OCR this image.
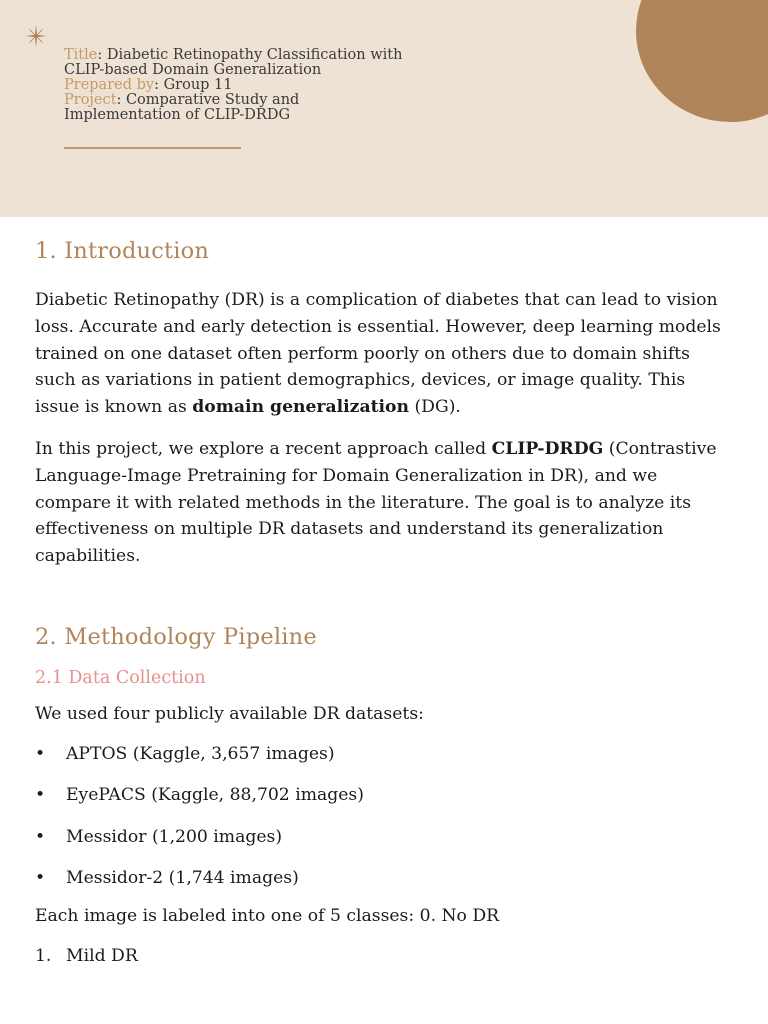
Title: Diabetic Retinopathy Classification with
CLIP-based Domain Generalization
Prepared by: Group 11
Project: Comparative Study and
Implementation of CLIP-DRDG
1. Introduction

Diabetic Retinopathy (DR) is a complication of diabetes that can lead to vision loss. Accurate and early detection is essential. However, deep learning models trained on one dataset often perform poorly on others due to domain shifts such as variations in patient demographics, devices, or image quality. This issue is known as domain generalization (DG).

In this project, we explore a recent approach called CLIP-DRDG (Contrastive Language-Image Pretraining for Domain Generalization in DR), and we compare it with related methods in the literature. The goal is to analyze its effectiveness on multiple DR datasets and understand its generalization capabilities.

2. Methodology Pipeline
2.1 Data Collection

We used four publicly available DR datasets:

•	APTOS (Kaggle, 3,657 images)
•	EyePACS (Kaggle, 88,702 images)
•	Messidor (1,200 images)
•	Messidor-2 (1,744 images)

Each image is labeled into one of 5 classes: 0. No DR

1. Mild DR
